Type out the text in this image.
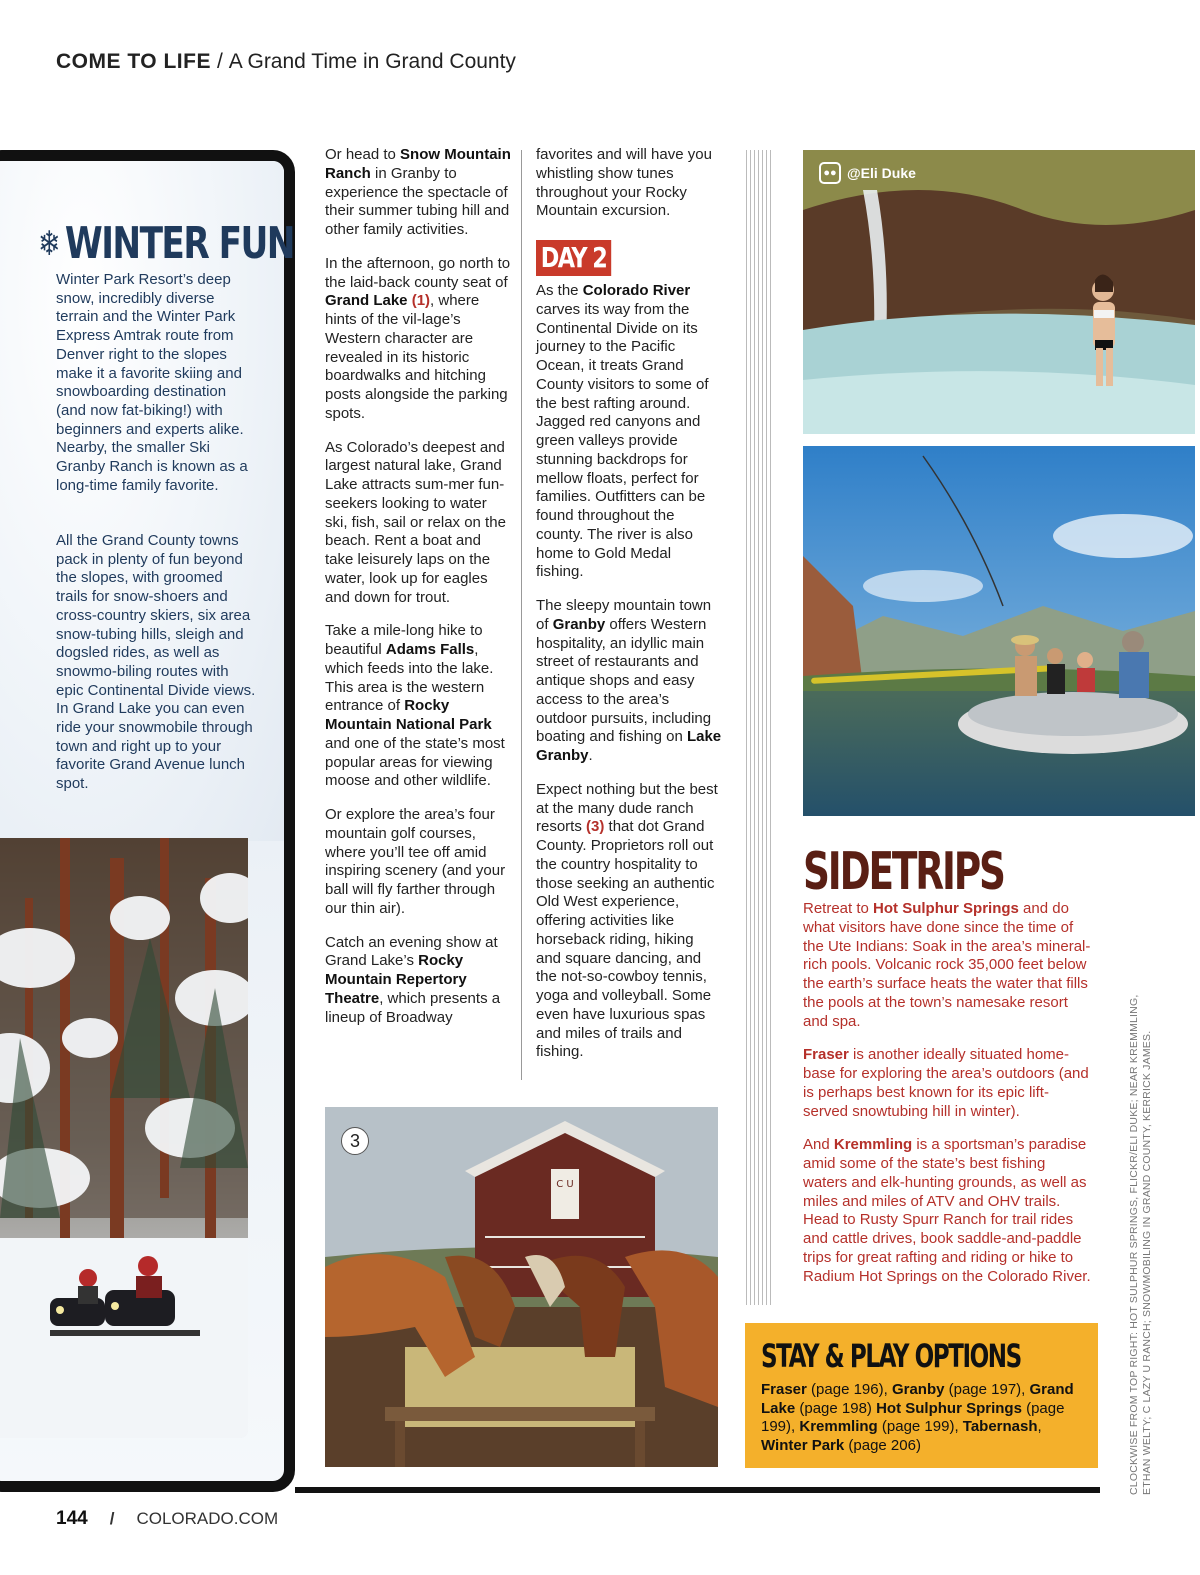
COME TO LIFE / A Grand Time in Grand County
❄ WINTER FUN
Winter Park Resort’s deep snow, incredibly diverse terrain and the Winter Park Express Amtrak route from Denver right to the slopes make it a favorite skiing and snowboarding destination (and now fat-biking!) with beginners and experts alike. Nearby, the smaller Ski Granby Ranch is known as a long-time family favorite.
All the Grand County towns pack in plenty of fun beyond the slopes, with groomed trails for snow-shoers and cross-country skiers, six area snow-tubing hills, sleigh and dogsled rides, as well as snowmo-biling routes with epic Continental Divide views. In Grand Lake you can even ride your snowmobile through town and right up to your favorite Grand Avenue lunch spot.

Or head to Snow Mountain Ranch in Granby to experience the spectacle of their summer tubing hill and other family activities.

In the afternoon, go north to the laid-back county seat of Grand Lake (1), where hints of the vil-lage’s Western character are revealed in its historic boardwalks and hitching posts alongside the parking spots.

As Colorado’s deepest and largest natural lake, Grand Lake attracts sum-mer fun-seekers looking to water ski, fish, sail or relax on the beach. Rent a boat and take leisurely laps on the water, look up for eagles and down for trout.

Take a mile-long hike to beautiful Adams Falls, which feeds into the lake. This area is the western entrance of Rocky Mountain National Park and one of the state’s most popular areas for viewing moose and other wildlife.

Or explore the area’s four mountain golf courses, where you’ll tee off amid inspiring scenery (and your ball will fly farther through our thin air).

Catch an evening show at Grand Lake’s Rocky Mountain Repertory Theatre, which presents a lineup of Broadway

favorites and will have you whistling show tunes throughout your Rocky Mountain excursion.

DAY 2

As the Colorado River carves its way from the Continental Divide on its journey to the Pacific Ocean, it treats Grand County visitors to some of the best rafting around. Jagged red canyons and green valleys provide stunning backdrops for mellow floats, perfect for families. Outfitters can be found throughout the county. The river is also home to Gold Medal fishing.

The sleepy mountain town of Granby offers Western hospitality, an idyllic main street of restaurants and antique shops and easy access to the area’s outdoor pursuits, including boating and fishing on Lake Granby.

Expect nothing but the best at the many dude ranch resorts (3) that dot Grand County. Proprietors roll out the country hospitality to those seeking an authentic Old West experience, offering activities like horseback riding, hiking and square dancing, and the not-so-cowboy tennis, yoga and volleyball. Some even have luxurious spas and miles of trails and fishing.

●● @Eli Duke
C U
3
SIDETRIPS

Retreat to Hot Sulphur Springs and do what visitors have done since the time of the Ute Indians: Soak in the area’s mineral-rich pools. Volcanic rock 35,000 feet below the earth’s surface heats the water that fills the pools at the town’s namesake resort and spa.

Fraser is another ideally situated home-base for exploring the area’s outdoors (and is perhaps best known for its epic lift-served snowtubing hill in winter).

And Kremmling is a sportsman’s paradise amid some of the state’s best fishing waters and elk-hunting grounds, as well as miles and miles of ATV and OHV trails. Head to Rusty Spurr Ranch for trail rides and cattle drives, book saddle-and-paddle trips for great rafting and riding or hike to Radium Hot Springs on the Colorado River.

STAY & PLAY OPTIONS
Fraser (page 196), Granby (page 197), Grand Lake (page 198) Hot Sulphur Springs (page 199), Kremmling (page 199), Tabernash, Winter Park (page 206)	CLOCKWISE FROM TOP RIGHT: HOT SULPHUR SPRINGS, FLICKR/ELI DUKE; NEAR KREMMLING, ETHAN WELTY; C LAZY U RANCH; SNOWMOBILING IN GRAND COUNTY, KERRICK JAMES.
144 / COLORADO.COM
